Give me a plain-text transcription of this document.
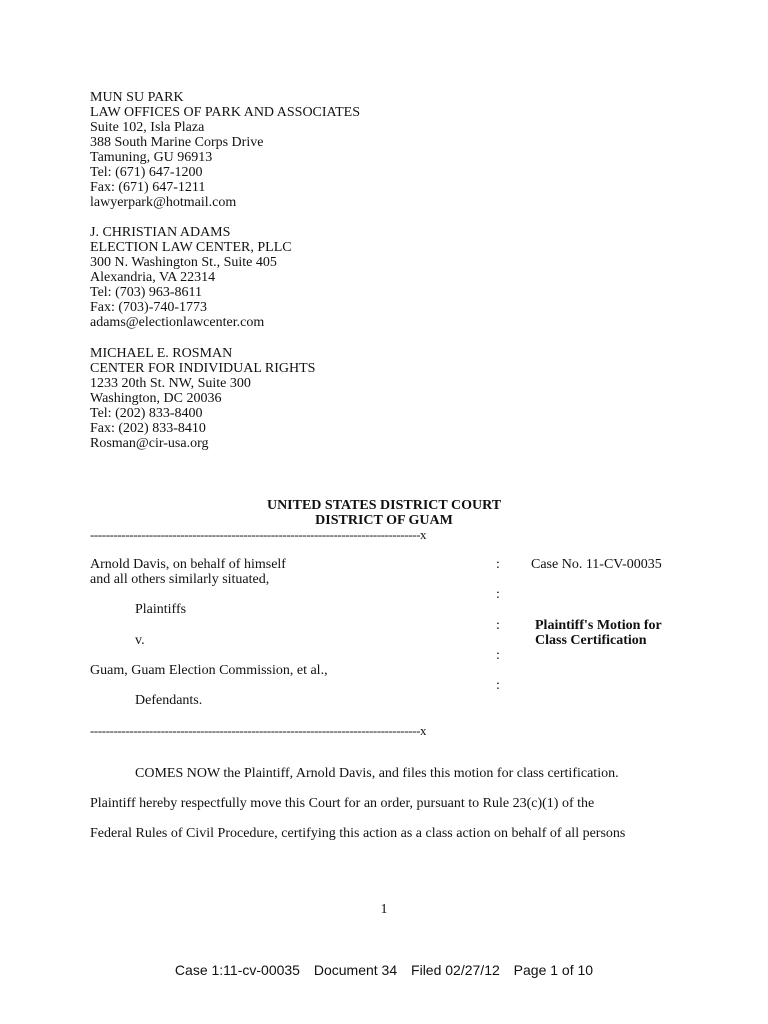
MUN SU PARK
LAW OFFICES OF PARK AND ASSOCIATES
Suite 102, Isla Plaza
388 South Marine Corps Drive
Tamuning, GU 96913
Tel: (671) 647-1200
Fax: (671) 647-1211
lawyerpark@hotmail.com
J. CHRISTIAN ADAMS
ELECTION LAW CENTER, PLLC
300 N. Washington St., Suite 405
Alexandria, VA 22314
Tel: (703) 963-8611
Fax: (703)-740-1773
adams@electionlawcenter.com
MICHAEL E. ROSMAN
CENTER FOR INDIVIDUAL RIGHTS
1233 20th St. NW, Suite 300
Washington, DC 20036
Tel: (202) 833-8400
Fax: (202) 833-8410
Rosman@cir-usa.org
UNITED STATES DISTRICT COURT
DISTRICT OF GUAM
------------------------------------------------------------------------------------x
Arnold Davis, on behalf of himself
and all others similarly situated,
Plaintiffs
v.
Guam, Guam Election Commission, et al.,
Defendants.
:
:
:
:
:
Case No. 11-CV-00035
Plaintiff's Motion for
Class Certification
------------------------------------------------------------------------------------x
COMES NOW the Plaintiff, Arnold Davis, and files this motion for class certification.
Plaintiff hereby respectfully move this Court for an order, pursuant to Rule 23(c)(1) of the
Federal Rules of Civil Procedure, certifying this action as a class action on behalf of all persons
1
Case 1:11-cv-00035 Document 34 Filed 02/27/12 Page 1 of 10
